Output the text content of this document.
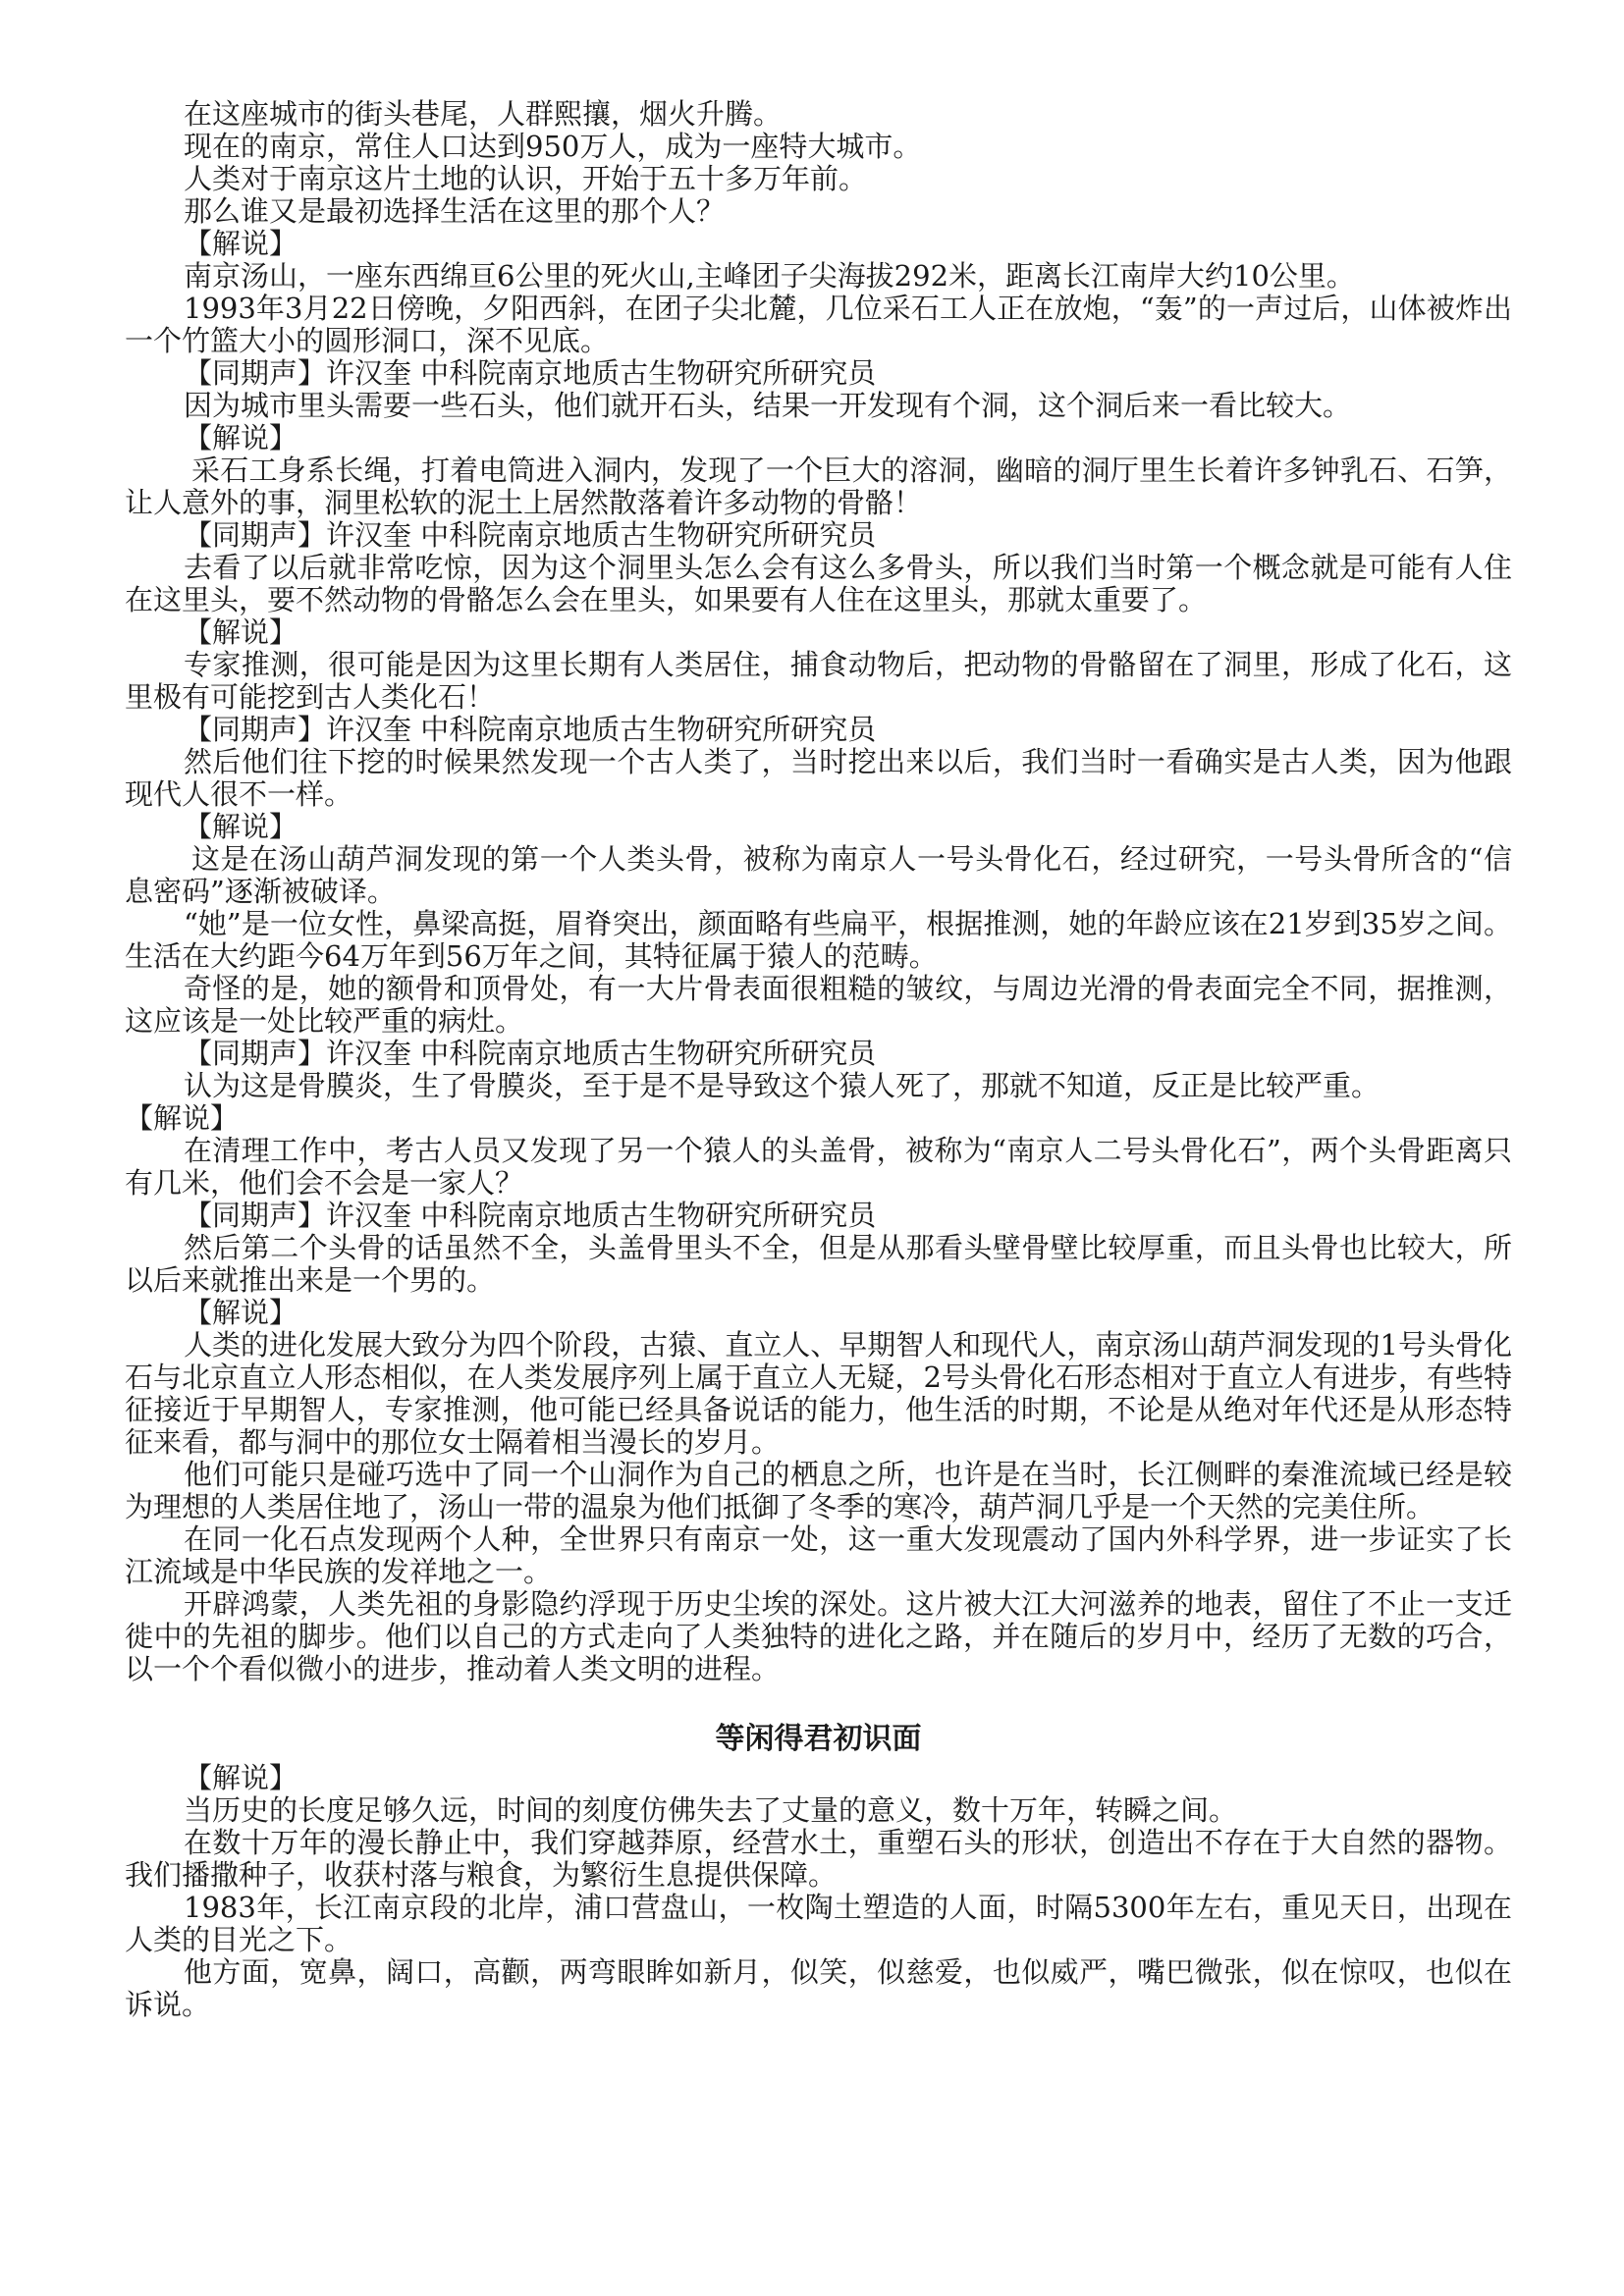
在这座城市的街头巷尾，人群熙攘，烟火升腾。

现在的南京，常住人口达到950万人，成为一座特大城市。

人类对于南京这片土地的认识，开始于五十多万年前。

那么谁又是最初选择生活在这里的那个人？

【解说】

南京汤山，一座东西绵亘6公里的死火山,主峰团子尖海拔292米，距离长江南岸大约10公里。

1993年3月22日傍晚，夕阳西斜，在团子尖北麓，几位采石工人正在放炮，“轰”的一声过后，山体被炸出一个竹篮大小的圆形洞口，深不见底。

【同期声】许汉奎 中科院南京地质古生物研究所研究员

因为城市里头需要一些石头，他们就开石头，结果一开发现有个洞，这个洞后来一看比较大。

【解说】

采石工身系长绳，打着电筒进入洞内，发现了一个巨大的溶洞，幽暗的洞厅里生长着许多钟乳石、石笋，让人意外的事，洞里松软的泥土上居然散落着许多动物的骨骼！

【同期声】许汉奎 中科院南京地质古生物研究所研究员

去看了以后就非常吃惊，因为这个洞里头怎么会有这么多骨头，所以我们当时第一个概念就是可能有人住在这里头，要不然动物的骨骼怎么会在里头，如果要有人住在这里头，那就太重要了。

【解说】

专家推测，很可能是因为这里长期有人类居住，捕食动物后，把动物的骨骼留在了洞里，形成了化石，这里极有可能挖到古人类化石！

【同期声】许汉奎 中科院南京地质古生物研究所研究员

然后他们往下挖的时候果然发现一个古人类了，当时挖出来以后，我们当时一看确实是古人类，因为他跟现代人很不一样。

【解说】

这是在汤山葫芦洞发现的第一个人类头骨，被称为南京人一号头骨化石，经过研究，一号头骨所含的“信息密码”逐渐被破译。

“她”是一位女性，鼻梁高挺，眉脊突出，颜面略有些扁平，根据推测，她的年龄应该在21岁到35岁之间。生活在大约距今64万年到56万年之间，其特征属于猿人的范畴。

奇怪的是，她的额骨和顶骨处，有一大片骨表面很粗糙的皱纹，与周边光滑的骨表面完全不同，据推测，这应该是一处比较严重的病灶。

【同期声】许汉奎 中科院南京地质古生物研究所研究员

认为这是骨膜炎，生了骨膜炎，至于是不是导致这个猿人死了，那就不知道，反正是比较严重。

【解说】

在清理工作中，考古人员又发现了另一个猿人的头盖骨，被称为“南京人二号头骨化石”，两个头骨距离只有几米，他们会不会是一家人？

【同期声】许汉奎 中科院南京地质古生物研究所研究员

然后第二个头骨的话虽然不全，头盖骨里头不全，但是从那看头壁骨壁比较厚重，而且头骨也比较大，所以后来就推出来是一个男的。

【解说】

人类的进化发展大致分为四个阶段，古猿、直立人、早期智人和现代人，南京汤山葫芦洞发现的1号头骨化石与北京直立人形态相似，在人类发展序列上属于直立人无疑，2号头骨化石形态相对于直立人有进步，有些特征接近于早期智人，专家推测，他可能已经具备说话的能力，他生活的时期，不论是从绝对年代还是从形态特征来看，都与洞中的那位女士隔着相当漫长的岁月。

他们可能只是碰巧选中了同一个山洞作为自己的栖息之所，也许是在当时，长江侧畔的秦淮流域已经是较为理想的人类居住地了，汤山一带的温泉为他们抵御了冬季的寒冷，葫芦洞几乎是一个天然的完美住所。

在同一化石点发现两个人种，全世界只有南京一处，这一重大发现震动了国内外科学界，进一步证实了长江流域是中华民族的发祥地之一。

开辟鸿蒙，人类先祖的身影隐约浮现于历史尘埃的深处。这片被大江大河滋养的地表，留住了不止一支迁徙中的先祖的脚步。他们以自己的方式走向了人类独特的进化之路，并在随后的岁月中，经历了无数的巧合，以一个个看似微小的进步，推动着人类文明的进程。

等闲得君初识面

【解说】

当历史的长度足够久远，时间的刻度仿佛失去了丈量的意义，数十万年，转瞬之间。

在数十万年的漫长静止中，我们穿越莽原，经营水土，重塑石头的形状，创造出不存在于大自然的器物。我们播撒种子，收获村落与粮食，为繁衍生息提供保障。

1983年，长江南京段的北岸，浦口营盘山，一枚陶土塑造的人面，时隔5300年左右，重见天日，出现在人类的目光之下。

他方面，宽鼻，阔口，高颧，两弯眼眸如新月，似笑，似慈爱，也似威严，嘴巴微张，似在惊叹，也似在诉说。
